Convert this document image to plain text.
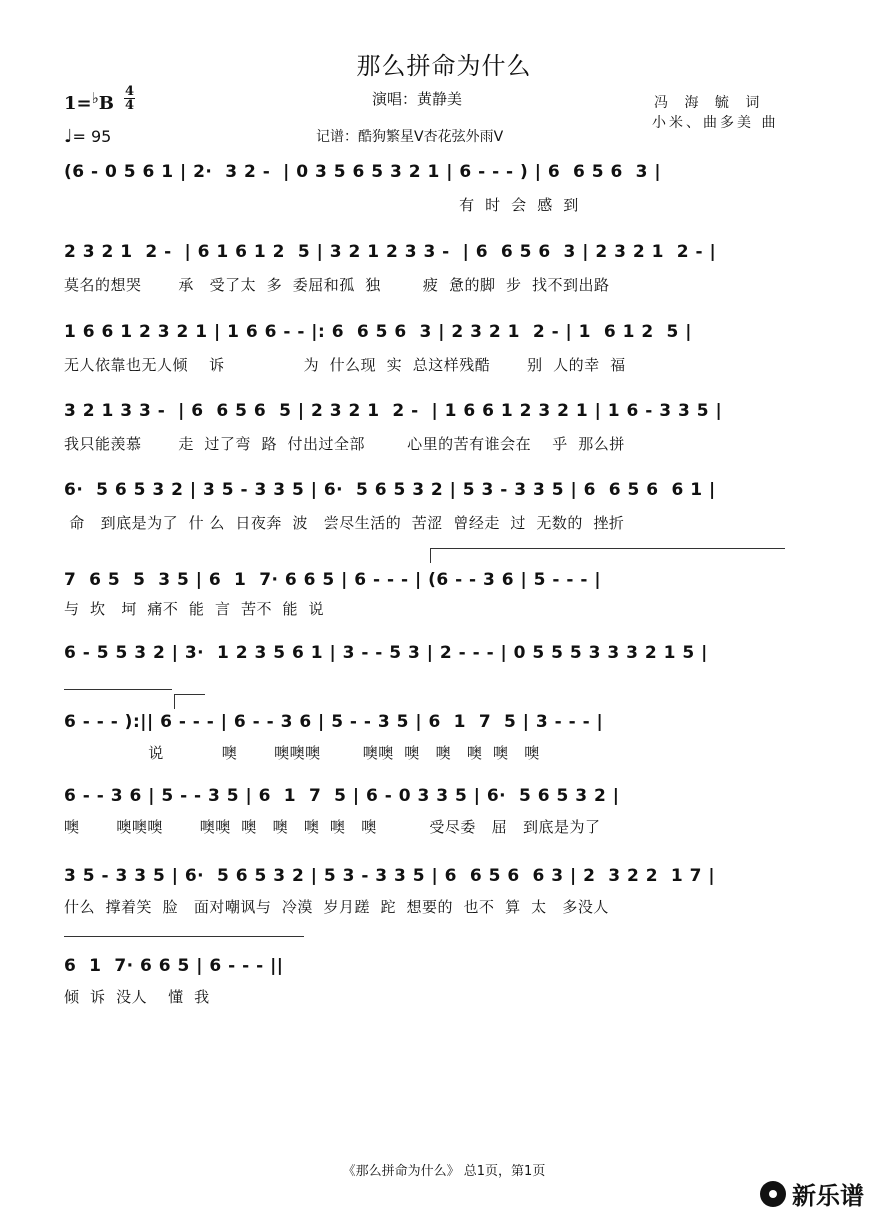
那么拼命为什么
1=♭B
4
4
♩= 95
演唱：黄静美
记谱：酷狗繁星V杏花弦外雨V
冯 海 毓 词
小米、曲多美 曲
(6 - 0 5 6 1 | 2·  3 2 -  | 0 3 5 6 5 3 2 1 | 6 - - - ) | 6  6 5 6  3 |
有  时  会  感  到
2 3 2 1  2 -  | 6 1 6 1 2  5 | 3 2 1 2 3 3 -  | 6  6 5 6  3 | 2 3 2 1  2 - |
莫名的想哭       承   受了太  多  委屈和孤  独        疲  惫的脚  步  找不到出路
1 6 6 1 2 3 2 1 | 1 6 6 - - |: 6  6 5 6  3 | 2 3 2 1  2 - | 1  6 1 2  5 |
无人依靠也无人倾    诉               为  什么现  实  总这样残酷       别  人的幸  福
3 2 1 3 3 -  | 6  6 5 6  5 | 2 3 2 1  2 -  | 1 6 6 1 2 3 2 1 | 1 6 - 3 3 5 |
我只能羡慕       走  过了弯  路  付出过全部        心里的苦有谁会在    乎  那么拼
6·  5 6 5 3 2 | 3 5 - 3 3 5 | 6·  5 6 5 3 2 | 5 3 - 3 3 5 | 6  6 5 6  6 1 |
命   到底是为了  什 么  日夜奔  波   尝尽生活的  苦涩  曾经走  过  无数的  挫折
7  6 5  5  3 5 | 6  1  7· 6 6 5 | 6 - - - | (6 - - 3 6 | 5 - - - |
与  坎   坷  痛不  能  言  苦不  能  说
6 - 5 5 3 2 | 3·  1 2 3 5 6 1 | 3 - - 5 3 | 2 - - - | 0 5 5 5 3 3 3 2 1 5 |
6 - - - ):|| 6 - - - | 6 - - 3 6 | 5 - - 3 5 | 6  1  7  5 | 3 - - - |
说           噢       噢噢噢        噢噢  噢   噢   噢  噢   噢
6 - - 3 6 | 5 - - 3 5 | 6  1  7  5 | 6 - 0 3 3 5 | 6·  5 6 5 3 2 |
噢       噢噢噢       噢噢  噢   噢   噢  噢   噢          受尽委   屈   到底是为了
3 5 - 3 3 5 | 6·  5 6 5 3 2 | 5 3 - 3 3 5 | 6  6 5 6  6 3 | 2  3 2 2  1 7 |
什么  撑着笑  脸   面对嘲讽与  冷漠  岁月蹉  跎  想要的  也不  算  太   多没人
6  1  7· 6 6 5 | 6 - - - ||
倾  诉  没人    懂  我
《那么拼命为什么》 总1页，第1页
新乐谱
